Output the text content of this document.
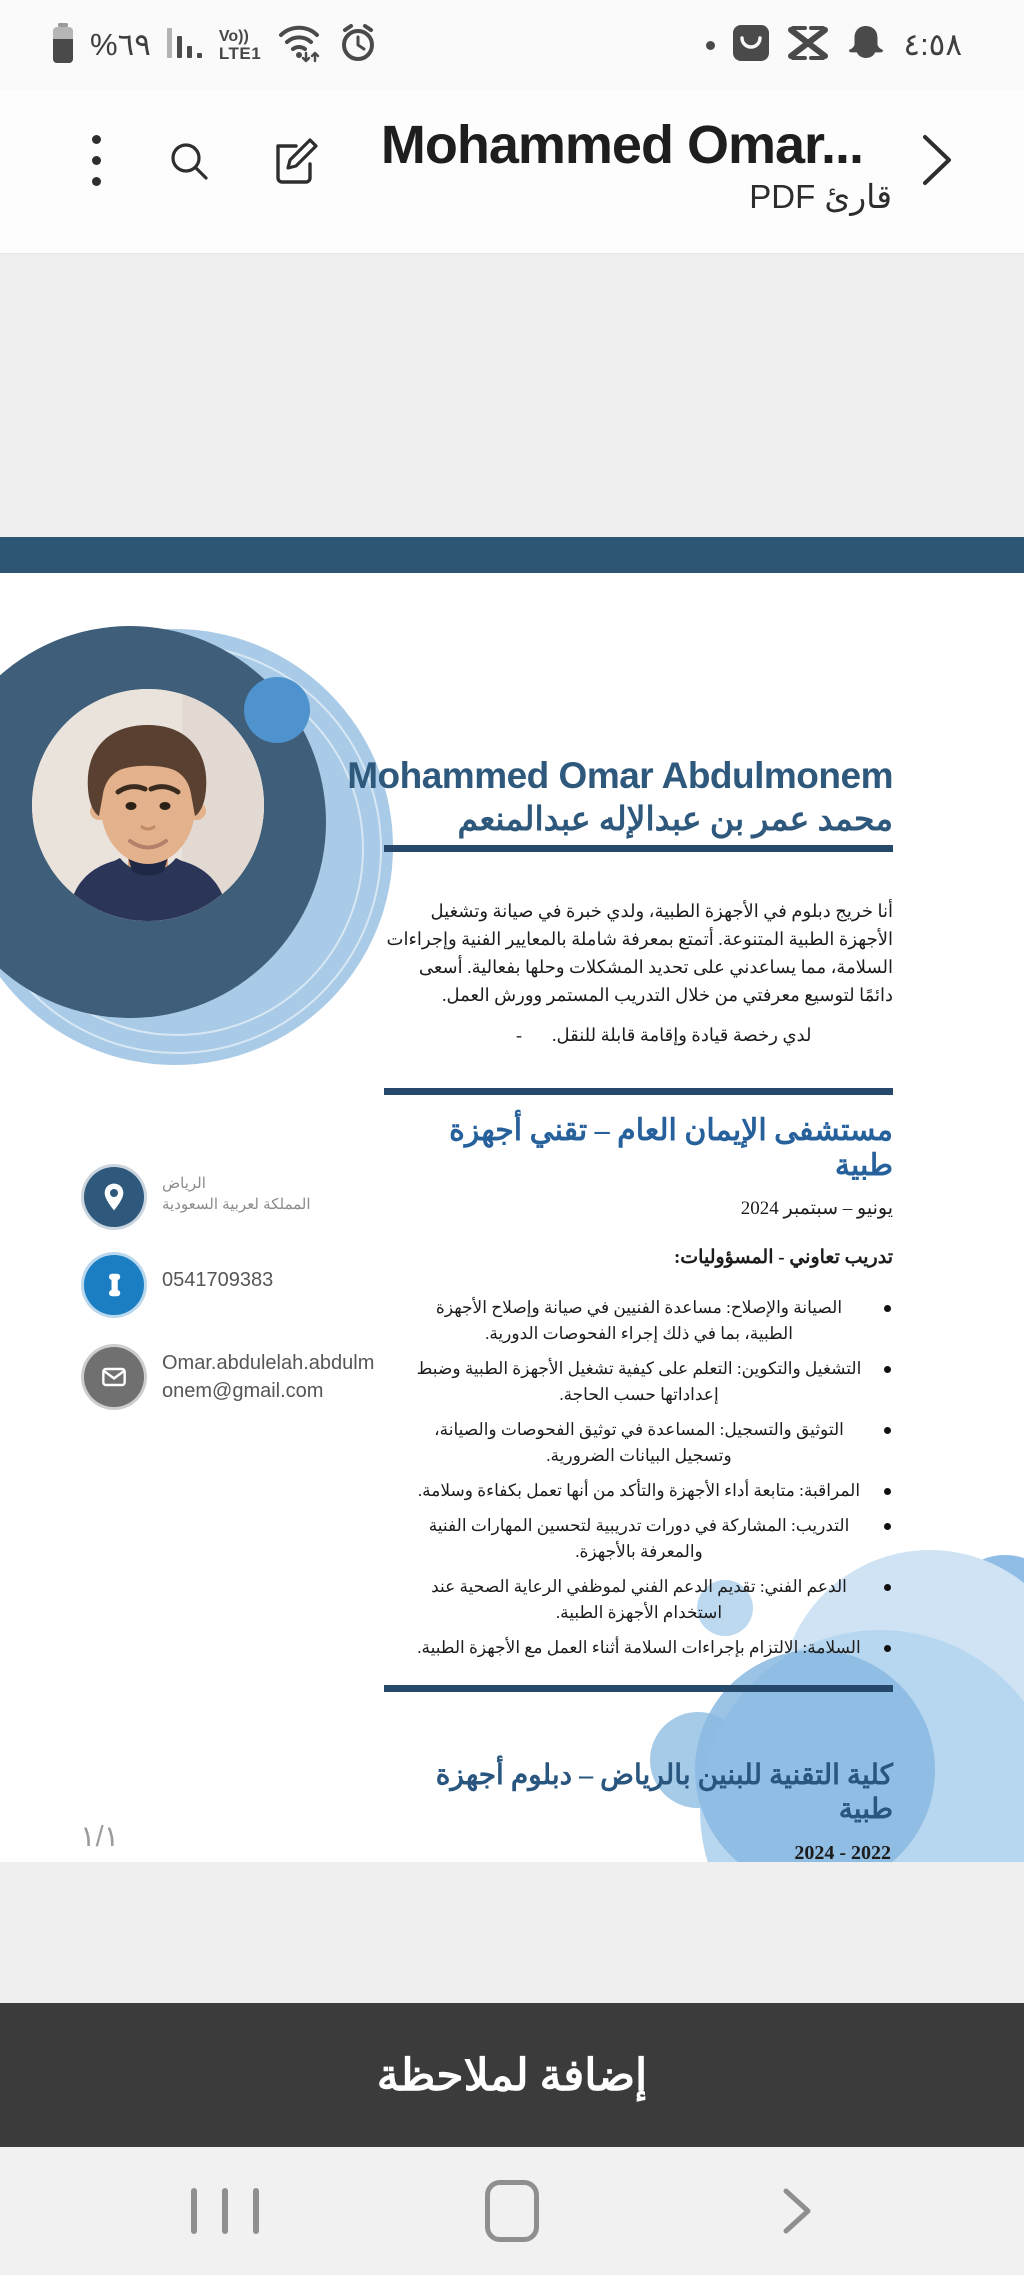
%٦٩	Vo))
LTE1	٤:٥٨
Mohammed Omar...
قارئ PDF
Mohammed Omar Abdulmonem
محمد عمر بن عبدالإله عبدالمنعم

أنا خريج دبلوم في الأجهزة الطبية، ولدي خبرة في صيانة وتشغيل الأجهزة الطبية المتنوعة. أتمتع بمعرفة شاملة بالمعايير الفنية وإجراءات السلامة، مما يساعدني على تحديد المشكلات وحلها بفعالية. أسعى دائمًا لتوسيع معرفتي من خلال التدريب المستمر وورش العمل.

- لدي رخصة قيادة وإقامة قابلة للنقل.
مستشفى الإيمان العام – تقني أجهزة طبية
يونيو – سبتمبر 2024
تدريب تعاوني - المسؤوليات:
الصيانة والإصلاح: مساعدة الفنيين في صيانة وإصلاح الأجهزة الطبية، بما في ذلك إجراء الفحوصات الدورية.
التشغيل والتكوين: التعلم على كيفية تشغيل الأجهزة الطبية وضبط إعداداتها حسب الحاجة.
التوثيق والتسجيل: المساعدة في توثيق الفحوصات والصيانة، وتسجيل البيانات الضرورية.
المراقبة: متابعة أداء الأجهزة والتأكد من أنها تعمل بكفاءة وسلامة.
التدريب: المشاركة في دورات تدريبية لتحسين المهارات الفنية والمعرفة بالأجهزة.
الدعم الفني: تقديم الدعم الفني لموظفي الرعاية الصحية عند استخدام الأجهزة الطبية.
السلامة: الالتزام بإجراءات السلامة أثناء العمل مع الأجهزة الطبية.
كلية التقنية للبنين بالرياض – دبلوم أجهزة طبية
2024 - 2022
الرياض
المملكة لعربية السعودية
0541709383
Omar.abdulelah.abdulmonem@gmail.com
١/١
إضافة لملاحظة
